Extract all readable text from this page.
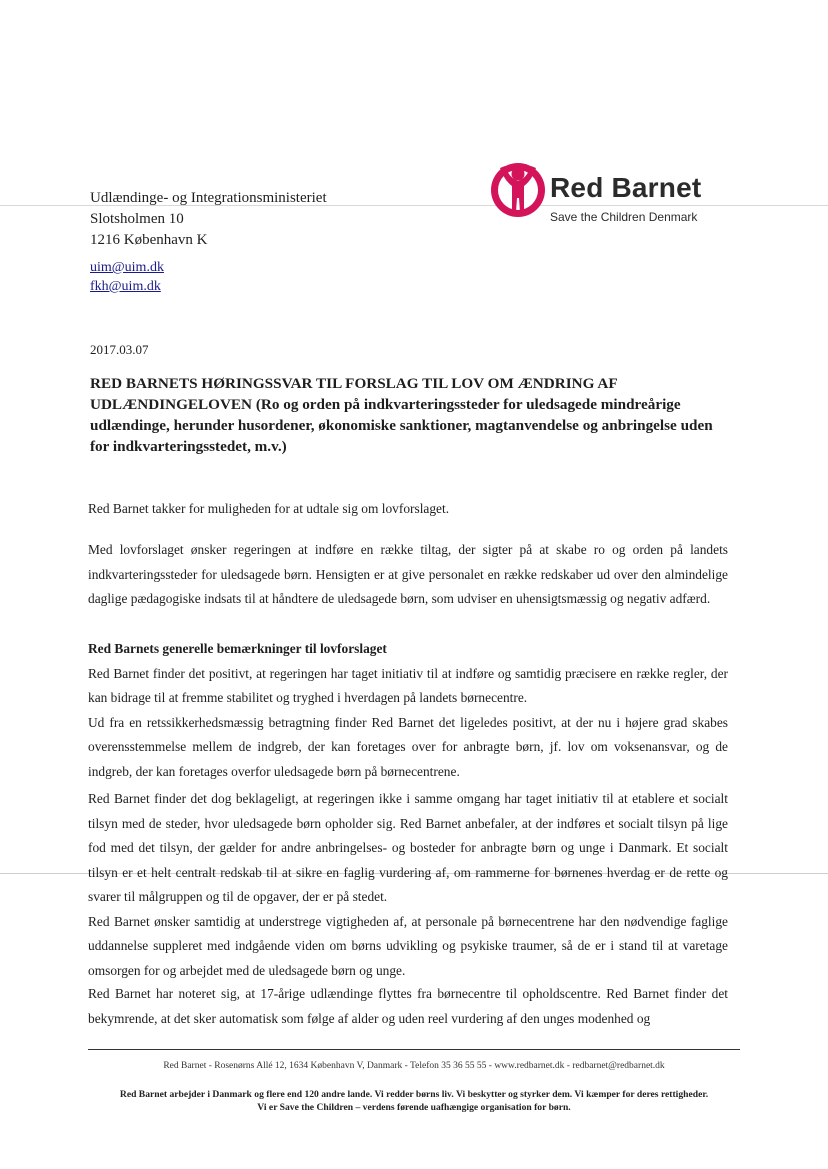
Udlændinge- og Integrationsministeriet
Slotsholmen 10
1216 København K
uim@uim.dk
fkh@uim.dk
Red Barnet
Save the Children Denmark
2017.03.07
RED BARNETS HØRINGSSVAR TIL FORSLAG TIL LOV OM ÆNDRING AF UDLÆNDINGELOVEN (Ro og orden på indkvarteringssteder for uledsagede mindreårige udlændinge, herunder husordener, økonomiske sanktioner, magtanvendelse og anbringelse uden for indkvarteringsstedet, m.v.)

Red Barnet takker for muligheden for at udtale sig om lovforslaget.

Med lovforslaget ønsker regeringen at indføre en række tiltag, der sigter på at skabe ro og orden på landets indkvarteringssteder for uledsagede børn. Hensigten er at give personalet en række redskaber ud over den almindelige daglige pædagogiske indsats til at håndtere de uledsagede børn, som udviser en uhensigtsmæssig og negativ adfærd.

Red Barnets generelle bemærkninger til lovforslaget

Red Barnet finder det positivt, at regeringen har taget initiativ til at indføre og samtidig præcisere en række regler, der kan bidrage til at fremme stabilitet og tryghed i hverdagen på landets børnecentre.

Ud fra en retssikkerhedsmæssig betragtning finder Red Barnet det ligeledes positivt, at der nu i højere grad skabes overensstemmelse mellem de indgreb, der kan foretages over for anbragte børn, jf. lov om voksenansvar, og de indgreb, der kan foretages overfor uledsagede børn på børnecentrene.

Red Barnet finder det dog beklageligt, at regeringen ikke i samme omgang har taget initiativ til at etablere et socialt tilsyn med de steder, hvor uledsagede børn opholder sig. Red Barnet anbefaler, at der indføres et socialt tilsyn på lige fod med det tilsyn, der gælder for andre anbringelses- og bosteder for anbragte børn og unge i Danmark. Et socialt tilsyn er et helt centralt redskab til at sikre en faglig vurdering af, om rammerne for børnenes hverdag er de rette og svarer til målgruppen og til de opgaver, der er på stedet.

Red Barnet ønsker samtidig at understrege vigtigheden af, at personale på børnecentrene har den nødvendige faglige uddannelse suppleret med indgående viden om børns udvikling og psykiske traumer, så de er i stand til at varetage omsorgen for og arbejdet med de uledsagede børn og unge.

Red Barnet har noteret sig, at 17-årige udlændinge flyttes fra børnecentre til opholdscentre. Red Barnet finder det bekymrende, at det sker automatisk som følge af alder og uden reel vurdering af den unges modenhed og

Red Barnet - Rosenørns Allé 12, 1634 København V, Danmark - Telefon 35 36 55 55 - www.redbarnet.dk - redbarnet@redbarnet.dk
Red Barnet arbejder i Danmark og flere end 120 andre lande. Vi redder børns liv. Vi beskytter og styrker dem. Vi kæmper for deres rettigheder.
Vi er Save the Children – verdens førende uafhængige organisation for børn.
